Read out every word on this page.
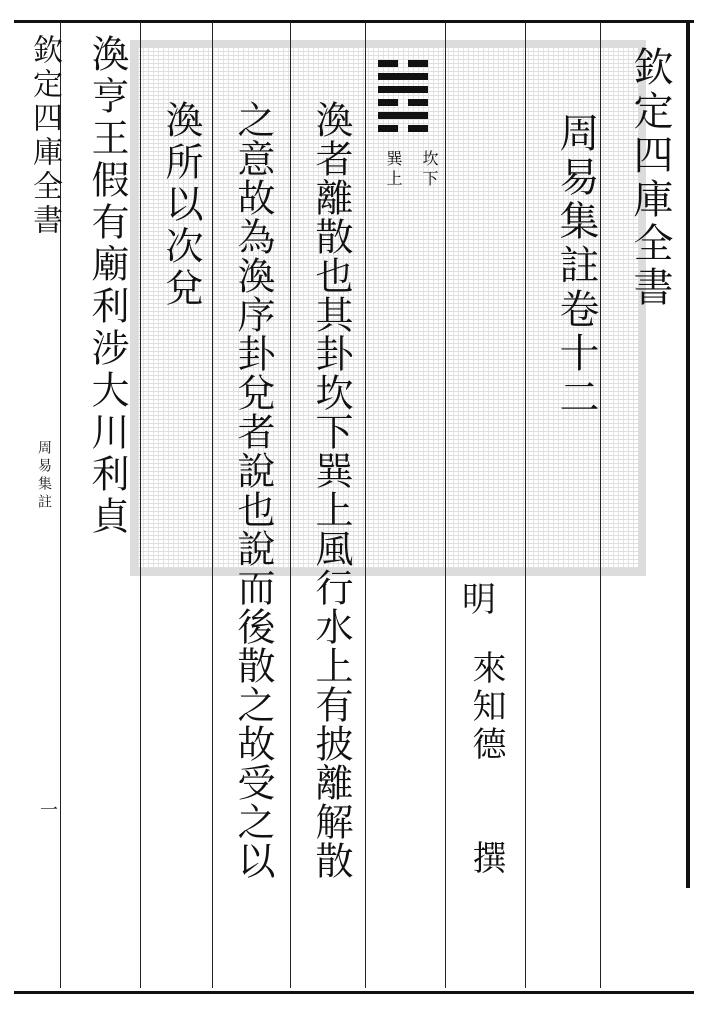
欽定四庫全書
周易集註
一
欽定四庫全書
周易集註卷十二
坎下
巽上
明
來知德
撰
渙者離散也其卦坎下巽上風行水上有披離解散
之意故為渙序卦兌者說也說而後散之故受之以
渙所以次兌
渙亨王假有廟利涉大川利貞
